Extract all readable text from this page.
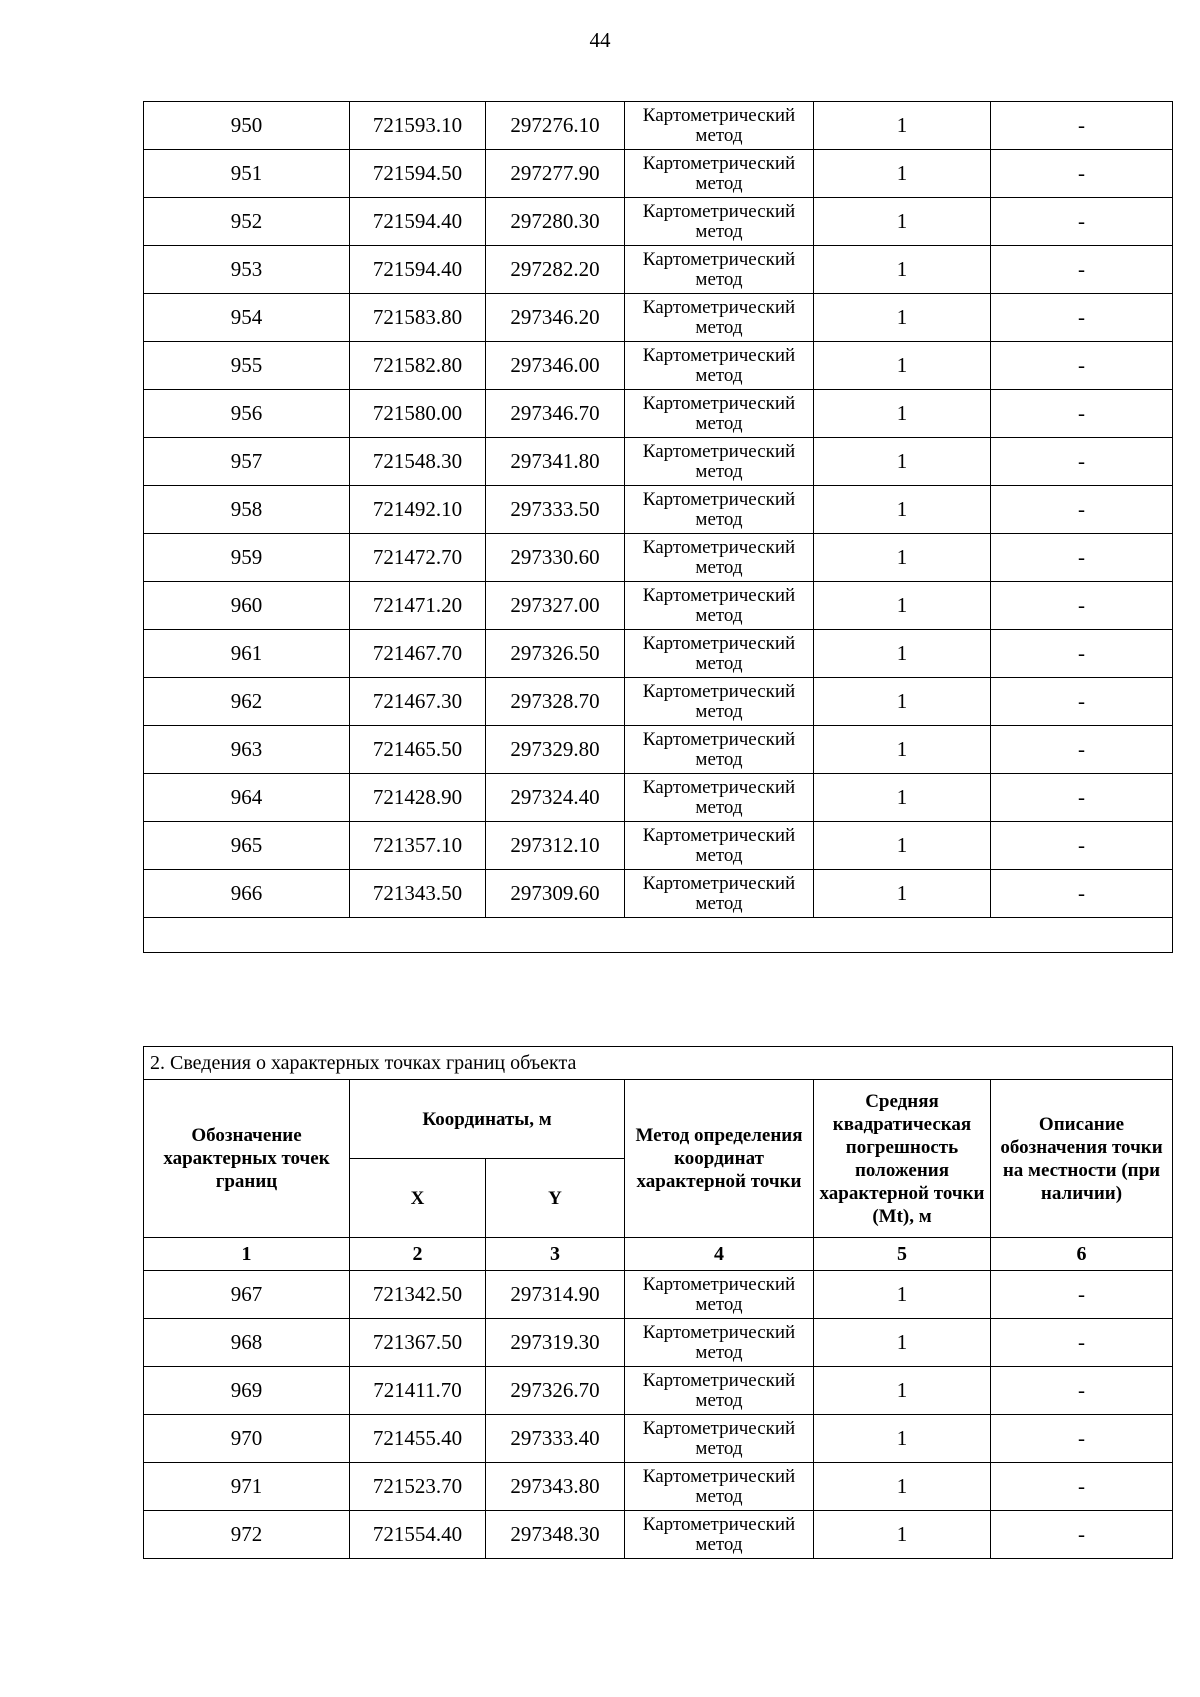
44
950	721593.10	297276.10	Картометрический
метод	1	-
951	721594.50	297277.90	Картометрический
метод	1	-
952	721594.40	297280.30	Картометрический
метод	1	-
953	721594.40	297282.20	Картометрический
метод	1	-
954	721583.80	297346.20	Картометрический
метод	1	-
955	721582.80	297346.00	Картометрический
метод	1	-
956	721580.00	297346.70	Картометрический
метод	1	-
957	721548.30	297341.80	Картометрический
метод	1	-
958	721492.10	297333.50	Картометрический
метод	1	-
959	721472.70	297330.60	Картометрический
метод	1	-
960	721471.20	297327.00	Картометрический
метод	1	-
961	721467.70	297326.50	Картометрический
метод	1	-
962	721467.30	297328.70	Картометрический
метод	1	-
963	721465.50	297329.80	Картометрический
метод	1	-
964	721428.90	297324.40	Картометрический
метод	1	-
965	721357.10	297312.10	Картометрический
метод	1	-
966	721343.50	297309.60	Картометрический
метод	1	-

2. Сведения о характерных точках границ объекта					
Обозначение характерных точек границ	Координаты, м		Метод определения координат характерной точки	Средняя квадратическая погрешность положения характерной точки (Mt), м	Описание обозначения точки на местности (при наличии)
	X	Y			
1	2	3	4	5	6
967	721342.50	297314.90	Картометрический
метод	1	-
968	721367.50	297319.30	Картометрический
метод	1	-
969	721411.70	297326.70	Картометрический
метод	1	-
970	721455.40	297333.40	Картометрический
метод	1	-
971	721523.70	297343.80	Картометрический
метод	1	-
972	721554.40	297348.30	Картометрический
метод	1	-
